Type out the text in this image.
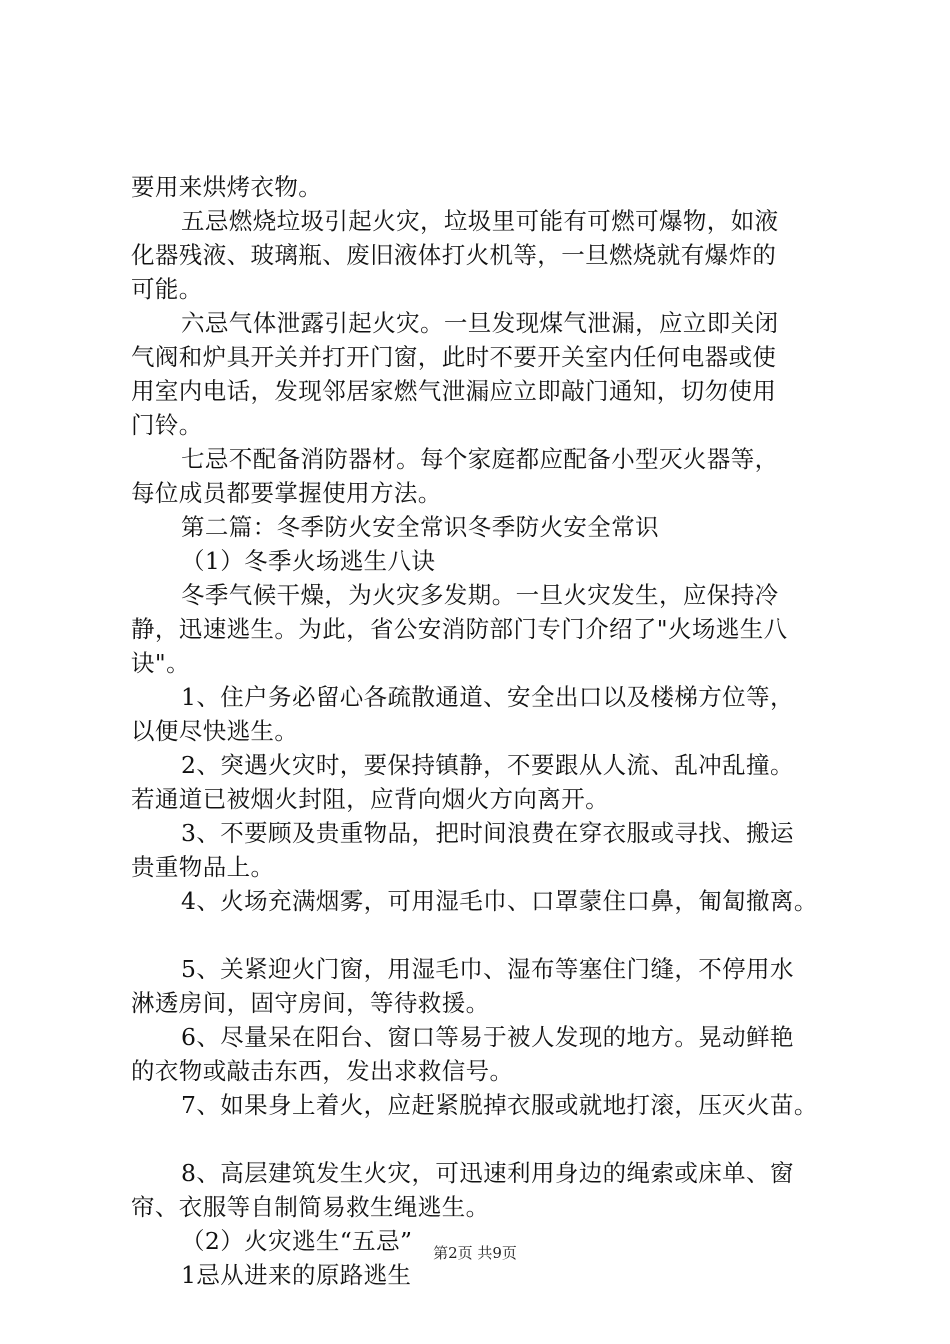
要用来烘烤衣物。
五忌燃烧垃圾引起火灾，垃圾里可能有可燃可爆物，如液
化器残液、玻璃瓶、废旧液体打火机等，一旦燃烧就有爆炸的
可能。
六忌气体泄露引起火灾。一旦发现煤气泄漏，应立即关闭
气阀和炉具开关并打开门窗，此时不要开关室内任何电器或使
用室内电话，发现邻居家燃气泄漏应立即敲门通知，切勿使用
门铃。
七忌不配备消防器材。每个家庭都应配备小型灭火器等，
每位成员都要掌握使用方法。
第二篇：冬季防火安全常识冬季防火安全常识
（1）冬季火场逃生八诀
冬季气候干燥，为火灾多发期。一旦火灾发生，应保持冷
静，迅速逃生。为此，省公安消防部门专门介绍了"火场逃生八
诀"。
1、住户务必留心各疏散通道、安全出口以及楼梯方位等，
以便尽快逃生。
2、突遇火灾时，要保持镇静，不要跟从人流、乱冲乱撞。
若通道已被烟火封阻，应背向烟火方向离开。
3、不要顾及贵重物品，把时间浪费在穿衣服或寻找、搬运
贵重物品上。
4、火场充满烟雾，可用湿毛巾、口罩蒙住口鼻，匍匐撤离。
5、关紧迎火门窗，用湿毛巾、湿布等塞住门缝，不停用水
淋透房间，固守房间，等待救援。
6、尽量呆在阳台、窗口等易于被人发现的地方。晃动鲜艳
的衣物或敲击东西，发出求救信号。
7、如果身上着火，应赶紧脱掉衣服或就地打滚，压灭火苗。
8、高层建筑发生火灾，可迅速利用身边的绳索或床单、窗
帘、衣服等自制简易救生绳逃生。
（2）火灾逃生“五忌”
1忌从进来的原路逃生
第2页 共9页
